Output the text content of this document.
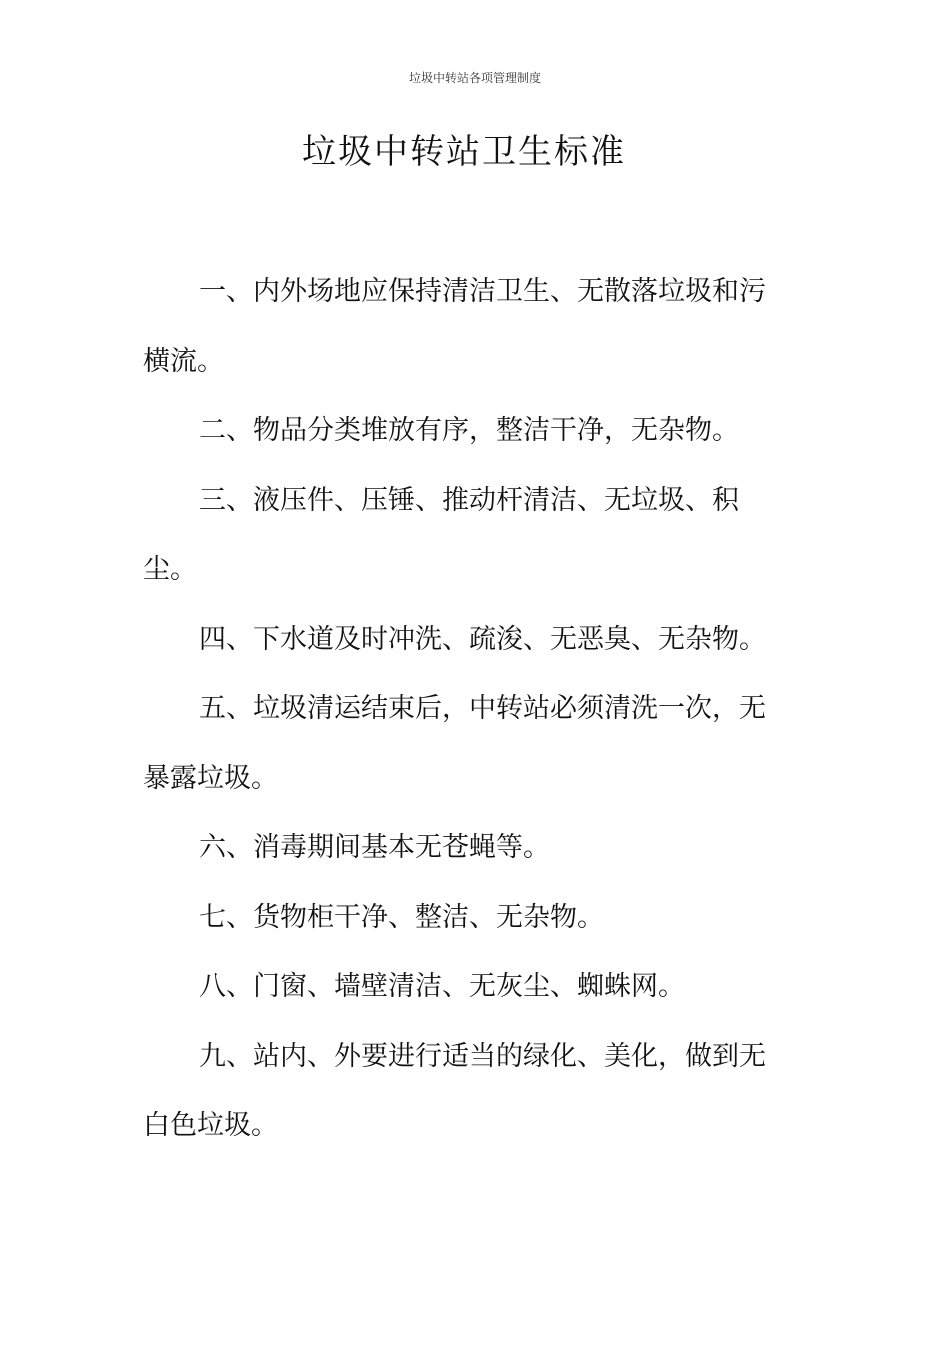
垃圾中转站各项管理制度
垃圾中转站卫生标准

一、内外场地应保持清洁卫生、无散落垃圾和污横流。

二、物品分类堆放有序，整洁干净，无杂物。

三、液压件、压锤、推动杆清洁、无垃圾、积尘。

四、下水道及时冲洗、疏浚、无恶臭、无杂物。

五、垃圾清运结束后，中转站必须清洗一次，无暴露垃圾。

六、消毒期间基本无苍蝇等。

七、货物柜干净、整洁、无杂物。

八、门窗、墙壁清洁、无灰尘、蜘蛛网。

九、站内、外要进行适当的绿化、美化，做到无白色垃圾。
